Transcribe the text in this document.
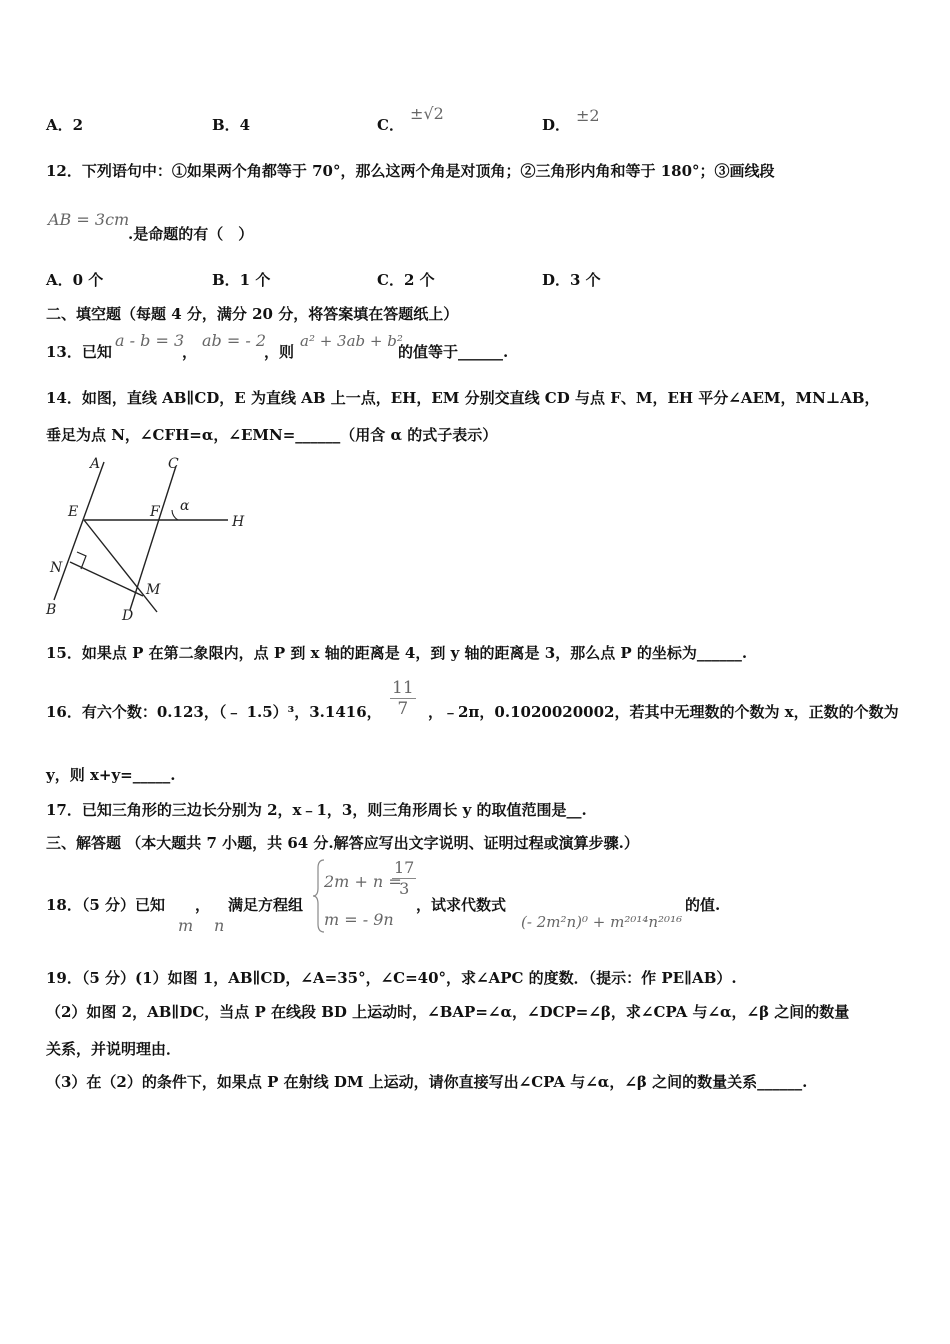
A．2	B．4	C．
±√2
D． ±2
12．下列语句中：①如果两个角都等于 70°，那么这两个角是对顶角；②三角形内角和等于 180°；③画线段
AB = 3cm
.是命题的有（　）
A．0 个	B．1 个	C．2 个	D．3 个
二、填空题（每题 4 分，满分 20 分，将答案填在答题纸上）
13．已知
a - b = 3
，
ab = - 2
，则
a² + 3ab + b²
的值等于______.
14．如图，直线 AB∥CD，E 为直线 AB 上一点，EH，EM 分别交直线 CD 与点 F、M，EH 平分∠AEM，MN⊥AB，
垂足为点 N，∠CFH=α，∠EMN=______（用含 α 的式子表示）
A	C
E	F α
H
N
M
B	D
15．如果点 P 在第二象限内，点 P 到 x 轴的距离是 4，到 y 轴的距离是 3，那么点 P 的坐标为______.
16．有六个数：0.123，（﹣ 1.5）³，3.1416， $\frac{11}{7}$ ，﹣2π，0.1020020002，若其中无理数的个数为 x，正数的个数为
y，则 x+y=_____.
17．已知三角形的三边长分别为 2，x﹣1，3，则三角形周长 y 的取值范围是__.
三、解答题 （本大题共 7 小题，共 64 分.解答应写出文字说明、证明过程或演算步骤.）
18．（5 分）已知
m
，
n
满足方程组
2m + n =
$\frac{17}{3}$
m = - 9n
，试求代数式
(- 2m²n)⁰ + m²⁰¹⁴n²⁰¹⁶
的值.
19．（5 分）(1）如图 1，AB∥CD，∠A=35°，∠C=40°，求∠APC 的度数．（提示：作 PE∥AB）.
（2）如图 2，AB∥DC，当点 P 在线段 BD 上运动时，∠BAP=∠α，∠DCP=∠β，求∠CPA 与∠α，∠β 之间的数量
关系，并说明理由．
（3）在（2）的条件下，如果点 P 在射线 DM 上运动，请你直接写出∠CPA 与∠α，∠β 之间的数量关系______.
